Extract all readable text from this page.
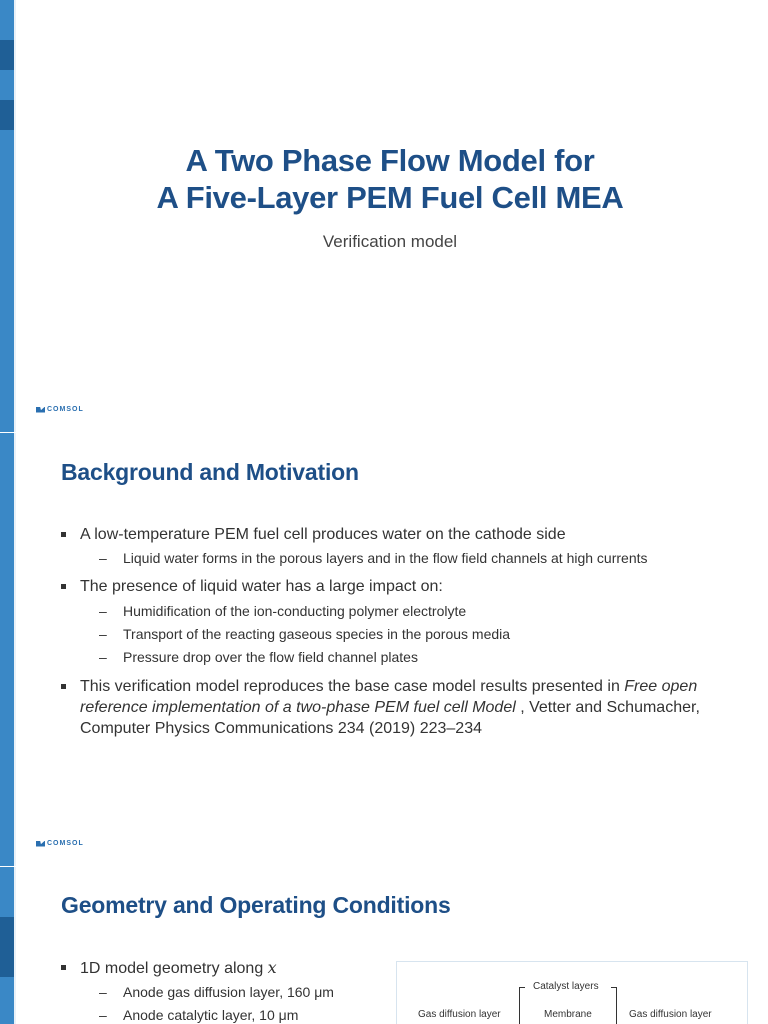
A Two Phase Flow Model for
A Five-Layer PEM Fuel Cell MEA
Verification model
COMSOL
Background and Motivation
A low-temperature PEM fuel cell produces water on the cathode side
– Liquid water forms in the porous layers and in the flow field channels at high currents
The presence of liquid water has a large impact on:
– Humidification of the ion-conducting polymer electrolyte
– Transport of the reacting gaseous species in the porous media
– Pressure drop over the flow field channel plates
This verification model reproduces the base case model results presented in Free open reference implementation of a two-phase PEM fuel cell Model , Vetter and Schumacher, Computer Physics Communications 234 (2019) 223–234
COMSOL
Geometry and Operating Conditions
1D model geometry along x
– Anode gas diffusion layer, 160 μm
– Anode catalytic layer, 10 μm
Catalyst layers
Gas diffusion layer	Membrane	Gas diffusion layer
